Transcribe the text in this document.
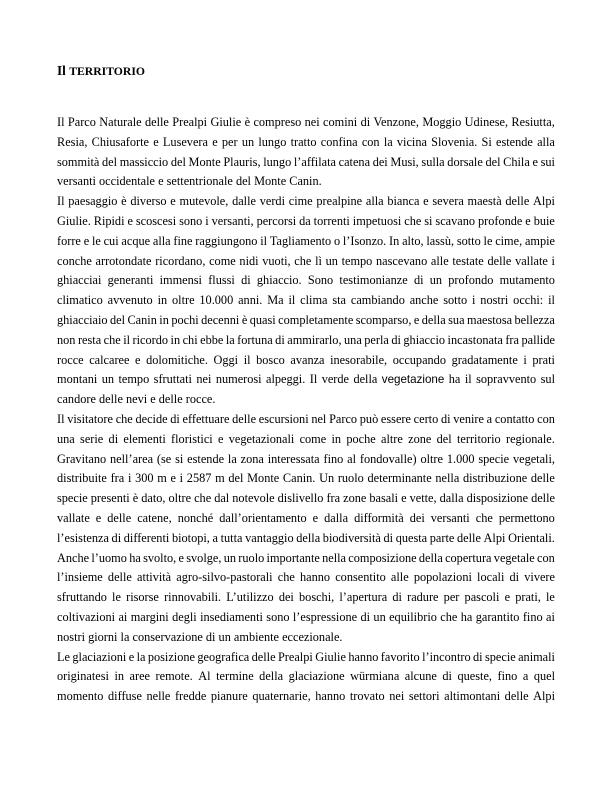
Il TERRITORIO
Il Parco Naturale delle Prealpi Giulie è compreso nei comini di Venzone, Moggio Udinese, Resiutta,
Resia, Chiusaforte e Lusevera e per un lungo tratto confina con la vicina Slovenia. Si estende alla
sommità del massiccio del Monte Plauris, lungo l’affilata catena dei Musi, sulla dorsale del Chila e sui
versanti occidentale e settentrionale del Monte Canin.
Il paesaggio è diverso e mutevole, dalle verdi cime prealpine alla bianca e severa maestà delle Alpi
Giulie. Ripidi e scoscesi sono i versanti, percorsi da torrenti impetuosi che si scavano profonde e buie
forre e le cui acque alla fine raggiungono il Tagliamento o l’Isonzo. In alto, lassù, sotto le cime, ampie
conche arrotondate ricordano, come nidi vuoti, che lì un tempo nascevano alle testate delle vallate i
ghiacciai generanti immensi flussi di ghiaccio. Sono testimonianze di un profondo mutamento
climatico avvenuto in oltre 10.000 anni. Ma il clima sta cambiando anche sotto i nostri occhi: il
ghiacciaio del Canin in pochi decenni è quasi completamente scomparso, e della sua maestosa bellezza
non resta che il ricordo in chi ebbe la fortuna di ammirarlo, una perla di ghiaccio incastonata fra pallide
rocce calcaree e dolomitiche. Oggi il bosco avanza inesorabile, occupando gradatamente i prati
montani un tempo sfruttati nei numerosi alpeggi. Il verde della vegetazione ha il sopravvento sul
candore delle nevi e delle rocce.
Il visitatore che decide di effettuare delle escursioni nel Parco può essere certo di venire a contatto con
una serie di elementi floristici e vegetazionali come in poche altre zone del territorio regionale.
Gravitano nell’area (se si estende la zona interessata fino al fondovalle) oltre 1.000 specie vegetali,
distribuite fra i 300 m e i 2587 m del Monte Canin. Un ruolo determinante nella distribuzione delle
specie presenti è dato, oltre che dal notevole dislivello fra zone basali e vette, dalla disposizione delle
vallate e delle catene, nonché dall’orientamento e dalla difformità dei versanti che permettono
l’esistenza di differenti biotopi, a tutta vantaggio della biodiversità di questa parte delle Alpi Orientali.
Anche l’uomo ha svolto, e svolge, un ruolo importante nella composizione della copertura vegetale con
l’insieme delle attività agro-silvo-pastorali che hanno consentito alle popolazioni locali di vivere
sfruttando le risorse rinnovabili. L’utilizzo dei boschi, l’apertura di radure per pascoli e prati, le
coltivazioni ai margini degli insediamenti sono l’espressione di un equilibrio che ha garantito fino ai
nostri giorni la conservazione di un ambiente eccezionale.
Le glaciazioni e la posizione geografica delle Prealpi Giulie hanno favorito l’incontro di specie animali
originatesi in aree remote. Al termine della glaciazione würmiana alcune di queste, fino a quel
momento diffuse nelle fredde pianure quaternarie, hanno trovato nei settori altimontani delle Alpi
